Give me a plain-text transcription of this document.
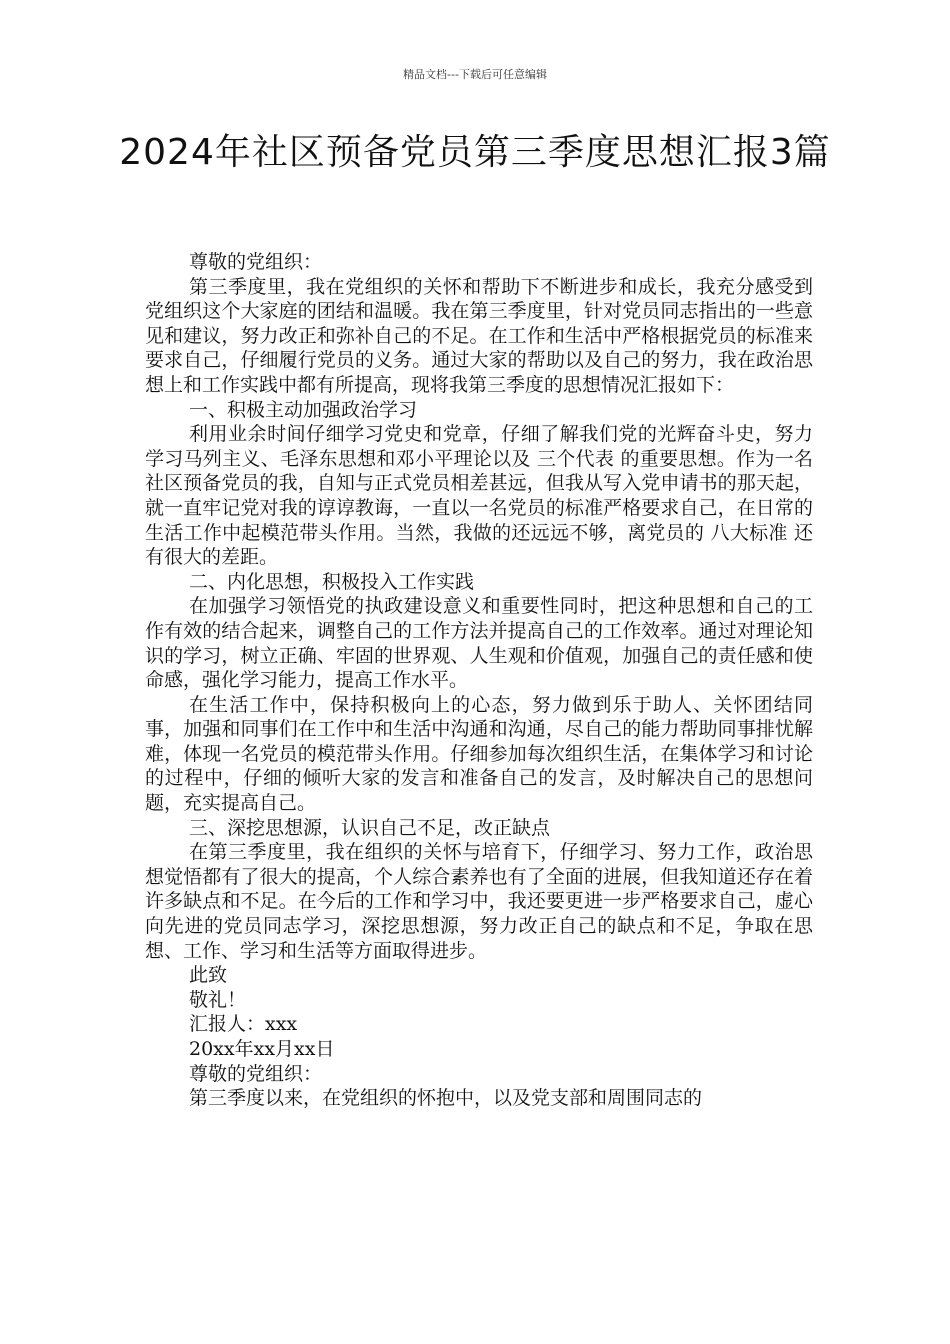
精品文档---下载后可任意编辑
2024年社区预备党员第三季度思想汇报3篇

尊敬的党组织：

第三季度里，我在党组织的关怀和帮助下不断进步和成长，我充分感受到党组织这个大家庭的团结和温暖。我在第三季度里，针对党员同志指出的一些意见和建议，努力改正和弥补自己的不足。在工作和生活中严格根据党员的标准来要求自己，仔细履行党员的义务。通过大家的帮助以及自己的努力，我在政治思想上和工作实践中都有所提高，现将我第三季度的思想情况汇报如下：

一、积极主动加强政治学习

利用业余时间仔细学习党史和党章，仔细了解我们党的光辉奋斗史，努力学习马列主义、毛泽东思想和邓小平理论以及 三个代表 的重要思想。作为一名社区预备党员的我，自知与正式党员相差甚远，但我从写入党申请书的那天起，就一直牢记党对我的谆谆教诲，一直以一名党员的标准严格要求自己，在日常的生活工作中起模范带头作用。当然，我做的还远远不够，离党员的 八大标准 还有很大的差距。

二、内化思想，积极投入工作实践

在加强学习领悟党的执政建设意义和重要性同时，把这种思想和自己的工作有效的结合起来，调整自己的工作方法并提高自己的工作效率。通过对理论知识的学习，树立正确、牢固的世界观、人生观和价值观，加强自己的责任感和使命感，强化学习能力，提高工作水平。

在生活工作中，保持积极向上的心态，努力做到乐于助人、关怀团结同事，加强和同事们在工作中和生活中沟通和沟通，尽自己的能力帮助同事排忧解难，体现一名党员的模范带头作用。仔细参加每次组织生活，在集体学习和讨论的过程中，仔细的倾听大家的发言和准备自己的发言，及时解决自己的思想问题，充实提高自己。

三、深挖思想源，认识自己不足，改正缺点

在第三季度里，我在组织的关怀与培育下，仔细学习、努力工作，政治思想觉悟都有了很大的提高，个人综合素养也有了全面的进展，但我知道还存在着许多缺点和不足。在今后的工作和学习中，我还要更进一步严格要求自己，虚心向先进的党员同志学习，深挖思想源，努力改正自己的缺点和不足，争取在思想、工作、学习和生活等方面取得进步。

此致

敬礼！

汇报人：xxx

20xx年xx月xx日

尊敬的党组织：

第三季度以来，在党组织的怀抱中，以及党支部和周围同志的
